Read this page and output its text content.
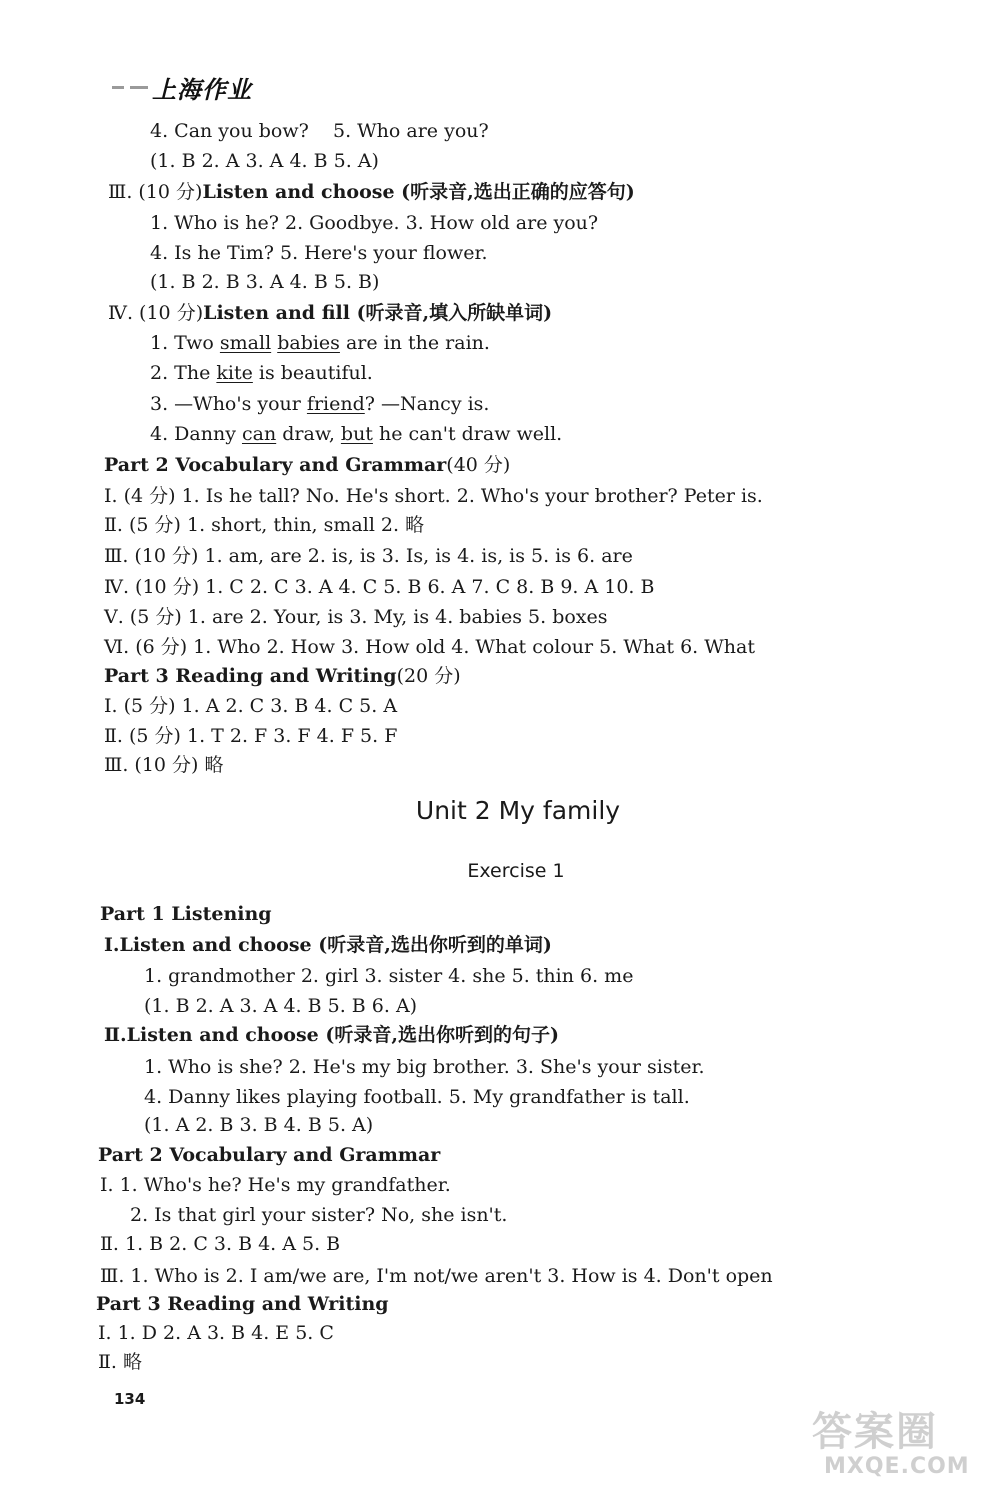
上海作业
4. Can you bow? 5. Who are you?
(1. B 2. A 3. A 4. B 5. A)
Ⅲ. (10 分)Listen and choose (听录音,选出正确的应答句)
1. Who is he? 2. Goodbye. 3. How old are you?
4. Is he Tim? 5. Here's your flower.
(1. B 2. B 3. A 4. B 5. B)
Ⅳ. (10 分)Listen and fill (听录音,填入所缺单词)
1. Two small babies are in the rain.
2. The kite is beautiful.
3. —Who's your friend? —Nancy is.
4. Danny can draw, but he can't draw well.
Part 2 Vocabulary and Grammar(40 分)
Ⅰ. (4 分) 1. Is he tall? No. He's short. 2. Who's your brother? Peter is.
Ⅱ. (5 分) 1. short, thin, small 2. 略
Ⅲ. (10 分) 1. am, are 2. is, is 3. Is, is 4. is, is 5. is 6. are
Ⅳ. (10 分) 1. C 2. C 3. A 4. C 5. B 6. A 7. C 8. B 9. A 10. B
Ⅴ. (5 分) 1. are 2. Your, is 3. My, is 4. babies 5. boxes
Ⅵ. (6 分) 1. Who 2. How 3. How old 4. What colour 5. What 6. What
Part 3 Reading and Writing(20 分)
Ⅰ. (5 分) 1. A 2. C 3. B 4. C 5. A
Ⅱ. (5 分) 1. T 2. F 3. F 4. F 5. F
Ⅲ. (10 分) 略
Unit 2 My family
Exercise 1
Part 1 Listening
Ⅰ.Listen and choose (听录音,选出你听到的单词)
1. grandmother 2. girl 3. sister 4. she 5. thin 6. me
(1. B 2. A 3. A 4. B 5. B 6. A)
Ⅱ.Listen and choose (听录音,选出你听到的句子)
1. Who is she? 2. He's my big brother. 3. She's your sister.
4. Danny likes playing football. 5. My grandfather is tall.
(1. A 2. B 3. B 4. B 5. A)
Part 2 Vocabulary and Grammar
Ⅰ. 1. Who's he? He's my grandfather.
2. Is that girl your sister? No, she isn't.
Ⅱ. 1. B 2. C 3. B 4. A 5. B
Ⅲ. 1. Who is 2. I am/we are, I'm not/we aren't 3. How is 4. Don't open
Part 3 Reading and Writing
Ⅰ. 1. D 2. A 3. B 4. E 5. C
Ⅱ. 略
134
答案圈
MXQE.COM
